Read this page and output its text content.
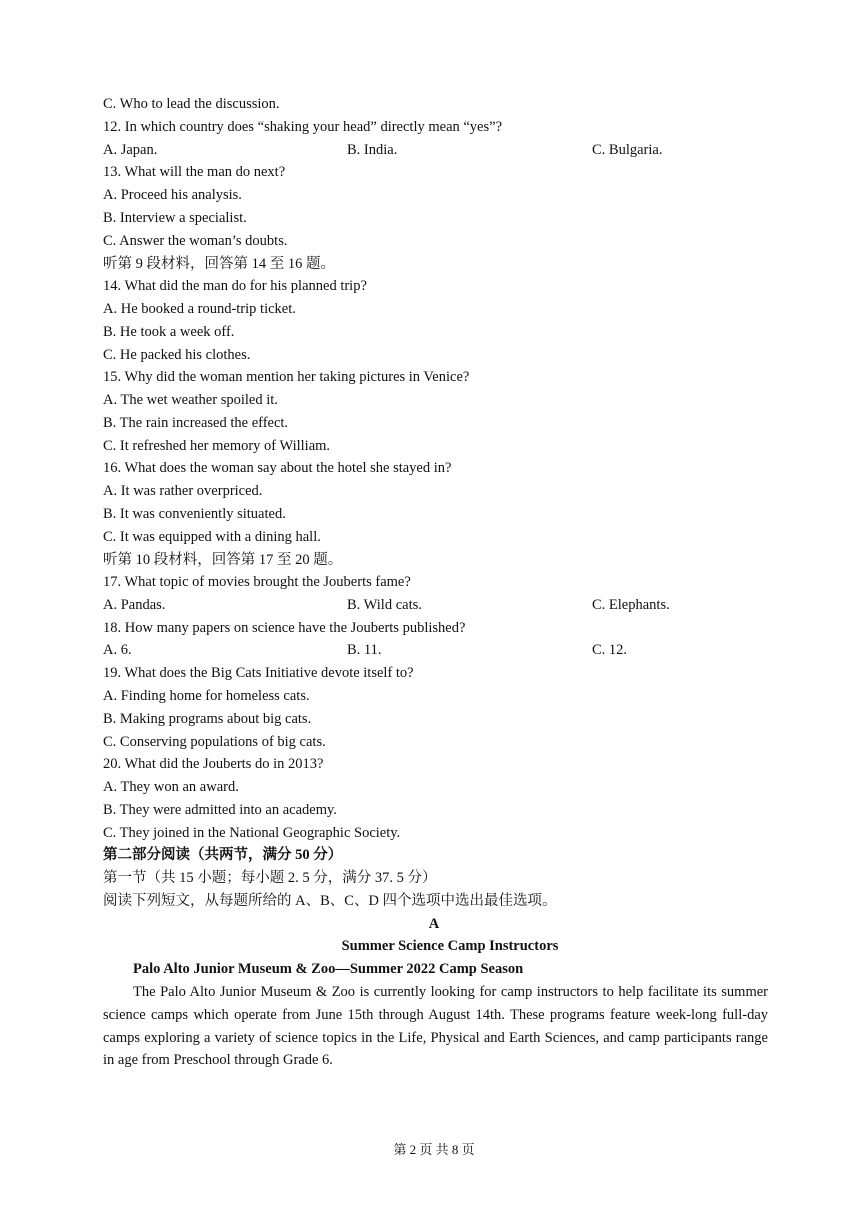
C. Who to lead the discussion.
12. In which country does “shaking your head” directly mean “yes”?
A. Japan.	B. India.	C. Bulgaria.
13. What will the man do next?
A. Proceed his analysis.
B. Interview a specialist.
C. Answer the woman’s doubts.
听第 9 段材料，回答第 14 至 16 题。
14. What did the man do for his planned trip?
A. He booked a round-trip ticket.
B. He took a week off.
C. He packed his clothes.
15. Why did the woman mention her taking pictures in Venice?
A. The wet weather spoiled it.
B. The rain increased the effect.
C. It refreshed her memory of William.
16. What does the woman say about the hotel she stayed in?
A. It was rather overpriced.
B. It was conveniently situated.
C. It was equipped with a dining hall.
听第 10 段材料，回答第 17 至 20 题。
17. What topic of movies brought the Jouberts fame?
A. Pandas.	B. Wild cats.	C. Elephants.
18. How many papers on science have the Jouberts published?
A. 6.	B. 11.	C. 12.
19. What does the Big Cats Initiative devote itself to?
A. Finding home for homeless cats.
B. Making programs about big cats.
C. Conserving populations of big cats.
20. What did the Jouberts do in 2013?
A. They won an award.
B. They were admitted into an academy.
C. They joined in the National Geographic Society.
第二部分阅读（共两节，满分 50 分）
第一节（共 15 小题；每小题 2. 5 分，满分 37. 5 分）
阅读下列短文，从每题所给的 A、B、C、D 四个选项中选出最佳选项。
A
Summer Science Camp Instructors
Palo Alto Junior Museum & Zoo—Summer 2022 Camp Season
The Palo Alto Junior Museum & Zoo is currently looking for camp instructors to help facilitate its summer science camps which operate from June 15th through August 14th. These programs feature week-long full-day camps exploring a variety of science topics in the Life, Physical and Earth Sciences, and camp participants range in age from Preschool through Grade 6.
第 2 页 共 8 页
